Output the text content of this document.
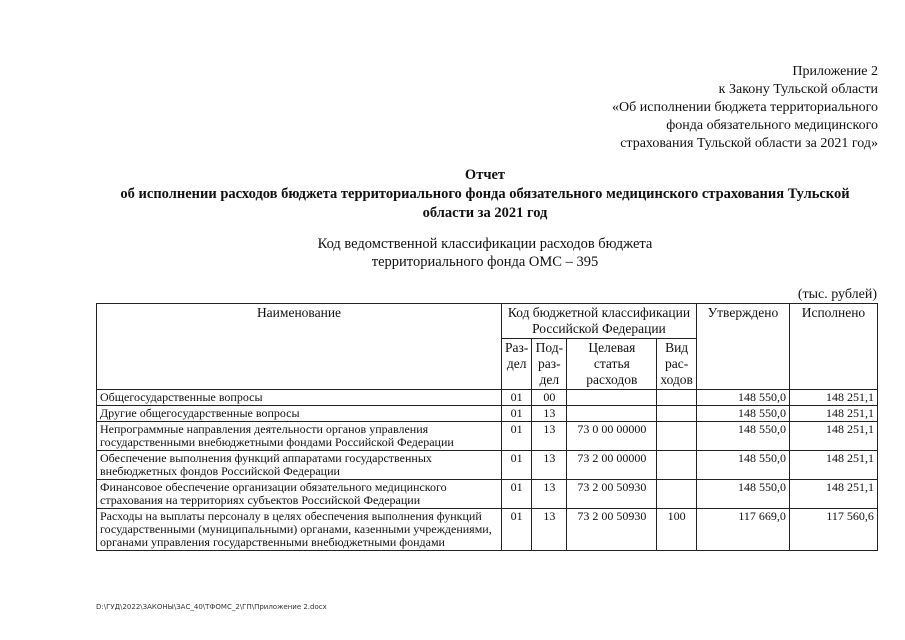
Приложение 2
к Закону Тульской области
«Об исполнении бюджета территориального
фонда обязательного медицинского
страхования Тульской области за 2021 год»
Отчет
об исполнении расходов бюджета территориального фонда обязательного медицинского страхования Тульской
области за 2021 год
Код ведомственной классификации расходов бюджета
территориального фонда ОМС – 395
(тыс. рублей)
Наименование	Код бюджетной классификации Российской Федерации				Утверждено	Исполнено
	Раз-дел	Под-раз-дел	Целевая статья расходов	Вид рас-ходов		
Общегосударственные вопросы	01	00			148 550,0	148 251,1
Другие общегосударственные вопросы	01	13			148 550,0	148 251,1
Непрограммные направления деятельности органов управления государственными внебюджетными фондами Российской Федерации	01	13	73 0 00 00000		148 550,0	148 251,1
Обеспечение выполнения функций аппаратами государственных внебюджетных фондов Российской Федерации	01	13	73 2 00 00000		148 550,0	148 251,1
Финансовое обеспечение организации обязательного медицинского страхования на территориях субъектов Российской Федерации	01	13	73 2 00 50930		148 550,0	148 251,1
Расходы на выплаты персоналу в целях обеспечения выполнения функций государственными (муниципальными) органами, казенными учреждениями, органами управления государственными внебюджетными фондами	01	13	73 2 00 50930	100	117 669,0	117 560,6
D:\ГУД\2022\ЗАКОНЫ\ЗАС_40\ТФОМС_2\ГП\Приложение 2.docx
